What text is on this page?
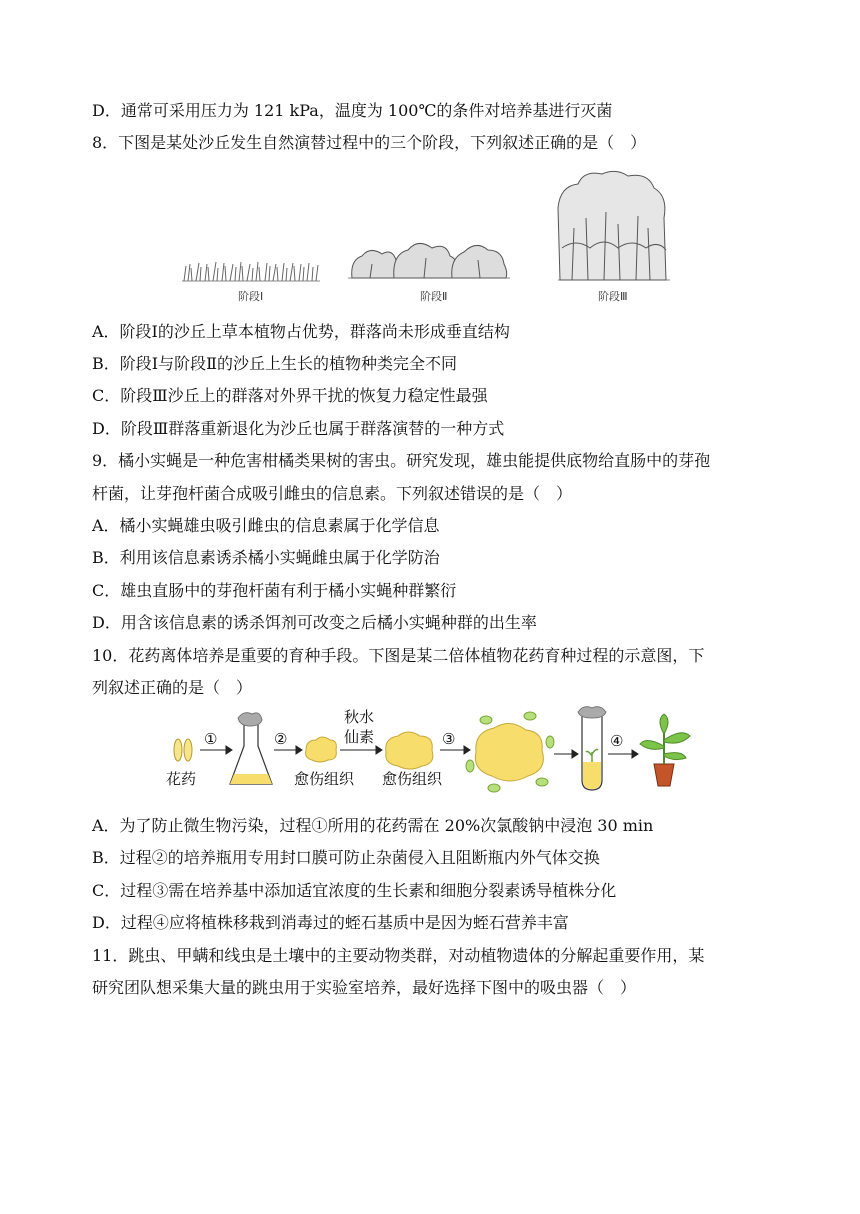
D．通常可采用压力为 121 kPa，温度为 100℃的条件对培养基进行灭菌
8．下图是某处沙丘发生自然演替过程中的三个阶段，下列叙述正确的是（　）
阶段Ⅰ	阶段Ⅱ	阶段Ⅲ
A．阶段Ⅰ的沙丘上草本植物占优势，群落尚未形成垂直结构
B．阶段Ⅰ与阶段Ⅱ的沙丘上生长的植物种类完全不同
C．阶段Ⅲ沙丘上的群落对外界干扰的恢复力稳定性最强
D．阶段Ⅲ群落重新退化为沙丘也属于群落演替的一种方式
9．橘小实蝇是一种危害柑橘类果树的害虫。研究发现，雄虫能提供底物给直肠中的芽孢
杆菌，让芽孢杆菌合成吸引雌虫的信息素。下列叙述错误的是（　）
A．橘小实蝇雄虫吸引雌虫的信息素属于化学信息
B．利用该信息素诱杀橘小实蝇雌虫属于化学防治
C．雄虫直肠中的芽孢杆菌有利于橘小实蝇种群繁衍
D．用含该信息素的诱杀饵剂可改变之后橘小实蝇种群的出生率
10．花药离体培养是重要的育种手段。下图是某二倍体植物花药育种过程的示意图，下
列叙述正确的是（　）
花药
①	②
愈伤组织
秋水
仙素
愈伤组织
③	④
A．为了防止微生物污染，过程①所用的花药需在 20%次氯酸钠中浸泡 30 min
B．过程②的培养瓶用专用封口膜可防止杂菌侵入且阻断瓶内外气体交换
C．过程③需在培养基中添加适宜浓度的生长素和细胞分裂素诱导植株分化
D．过程④应将植株移栽到消毒过的蛭石基质中是因为蛭石营养丰富
11．跳虫、甲螨和线虫是土壤中的主要动物类群，对动植物遗体的分解起重要作用，某
研究团队想采集大量的跳虫用于实验室培养，最好选择下图中的吸虫器（　）
